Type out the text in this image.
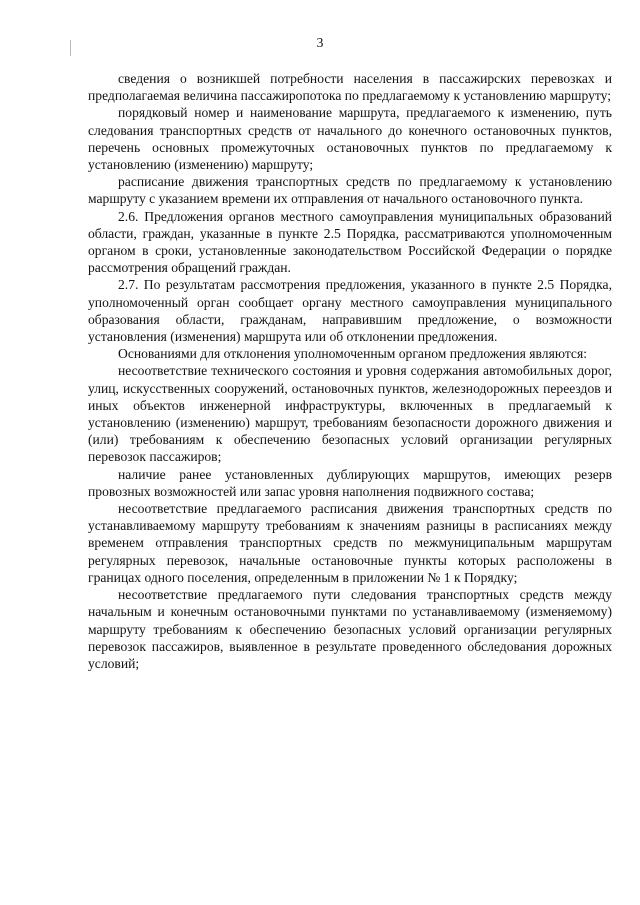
3

сведения о возникшей потребности населения в пассажирских перевозках и предполагаемая величина пассажиропотока по предлагаемому к установлению маршруту;

порядковый номер и наименование маршрута, предлагаемого к изменению, путь следования транспортных средств от начального до конечного остановочных пунктов, перечень основных промежуточных остановочных пунктов по предлагаемому к установлению (изменению) маршруту;

расписание движения транспортных средств по предлагаемому к установлению маршруту с указанием времени их отправления от начального остановочного пункта.

2.6. Предложения органов местного самоуправления муниципальных образований области, граждан, указанные в пункте 2.5 Порядка, рассматриваются уполномоченным органом в сроки, установленные законодательством Российской Федерации о порядке рассмотрения обращений граждан.

2.7. По результатам рассмотрения предложения, указанного в пункте 2.5 Порядка, уполномоченный орган сообщает органу местного самоуправления муниципального образования области, гражданам, направившим предложение, о возможности установления (изменения) маршрута или об отклонении предложения.

Основаниями для отклонения уполномоченным органом предложения являются:

несоответствие технического состояния и уровня содержания автомобильных дорог, улиц, искусственных сооружений, остановочных пунктов, железнодорожных переездов и иных объектов инженерной инфраструктуры, включенных в предлагаемый к установлению (изменению) маршрут, требованиям безопасности дорожного движения и (или) требованиям к обеспечению безопасных условий организации регулярных перевозок пассажиров;

наличие ранее установленных дублирующих маршрутов, имеющих резерв провозных возможностей или запас уровня наполнения подвижного состава;

несоответствие предлагаемого расписания движения транспортных средств по устанавливаемому маршруту требованиям к значениям разницы в расписаниях между временем отправления транспортных средств по межмуниципальным маршрутам регулярных перевозок, начальные остановочные пункты которых расположены в границах одного поселения, определенным в приложении № 1 к Порядку;

несоответствие предлагаемого пути следования транспортных средств между начальным и конечным остановочными пунктами по устанавливаемому (изменяемому) маршруту требованиям к обеспечению безопасных условий организации регулярных перевозок пассажиров, выявленное в результате проведенного обследования дорожных условий;
